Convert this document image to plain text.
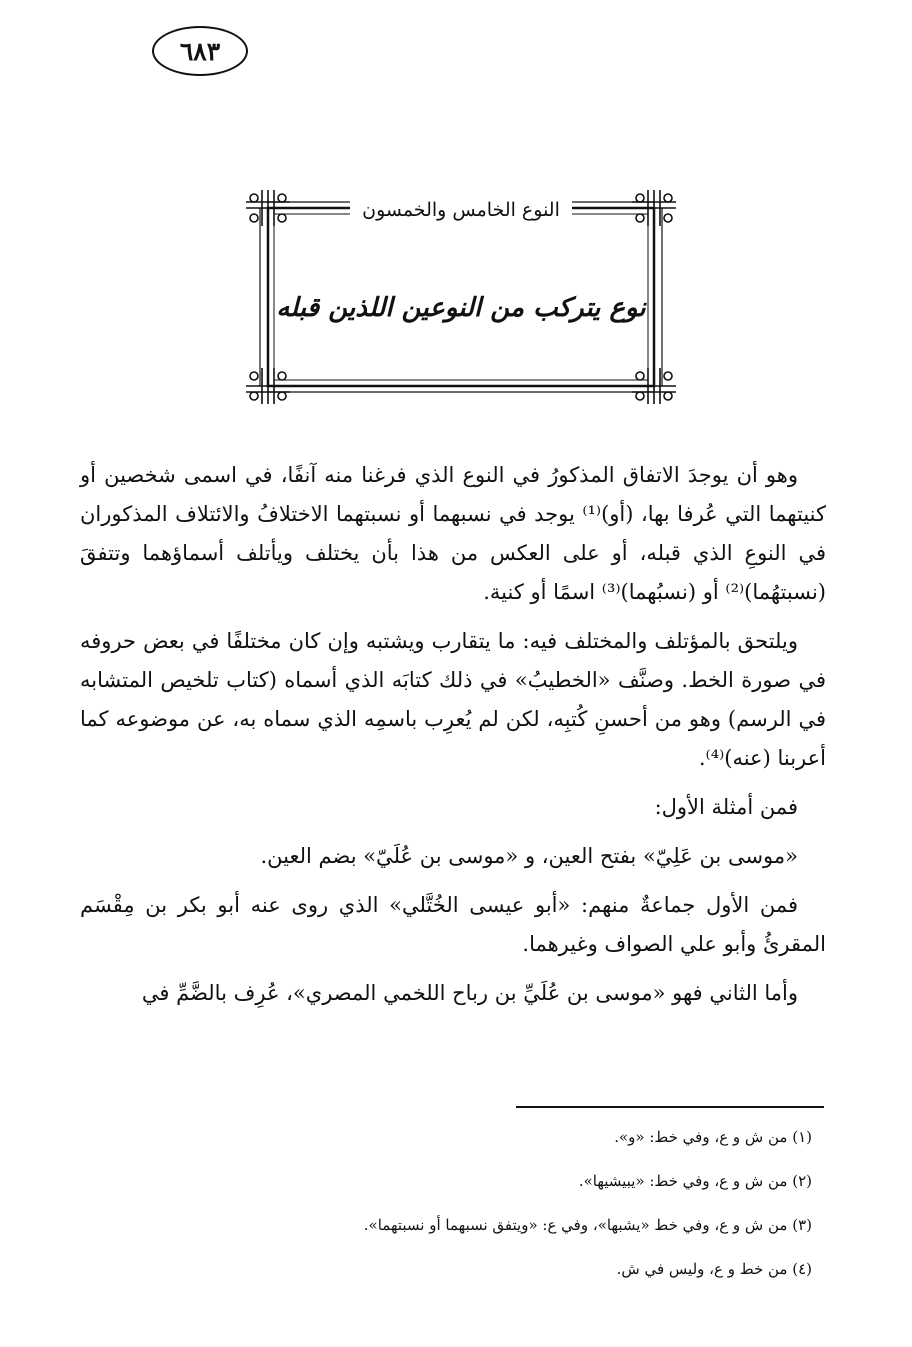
٦٨٣
النوع الخامس والخمسون
نوع يتركب من النوعين اللذين قبله

وهو أن يوجدَ الاتفاق المذكورُ في النوع الذي فرغنا منه آنفًا، في اسمى شخصين أو كنيتهما التي عُرفا بها، (أو)⁽¹⁾ يوجد في نسبهما أو نسبتهما الاختلافُ والائتلاف المذكوران في النوعِ الذي قبله، أو على العكس من هذا بأن يختلف ويأتلف أسماؤهما وتتفقَ (نسبتهُما)⁽²⁾ أو (نسبُهما)⁽³⁾ اسمًا أو كنية.

ويلتحق بالمؤتلف والمختلف فيه: ما يتقارب ويشتبه وإن كان مختلفًا في بعض حروفه في صورة الخط. وصنَّف «الخطيبُ» في ذلك كتابَه الذي أسماه (كتاب تلخيص المتشابه في الرسم) وهو من أحسنِ كُتبِه، لكن لم يُعرِب باسمِه الذي سماه به، عن موضوعه كما أعربنا (عنه)⁽⁴⁾.

فمن أمثلة الأول:

«موسى بن عَلِيّ» بفتح العين، و «موسى بن عُلَيّ» بضم العين.

فمن الأول جماعةٌ منهم: «أبو عيسى الخُتَّلي» الذي روى عنه أبو بكر بن مِقْسَم المقرئُ وأبو علي الصواف وغيرهما.

وأما الثاني فهو «موسى بن عُلَيِّ بن رباح اللخمي المصري»، عُرِف بالضَّمِّ في

(١) من ش و ع، وفي خط: «و».

(٢) من ش و ع، وفي خط: «يبيشيها».

(٣) من ش و ع، وفي خط «يشبها»، وفي ع: «ويتفق نسبهما أو نسبتهما».

(٤) من خط و ع، وليس في ش.
